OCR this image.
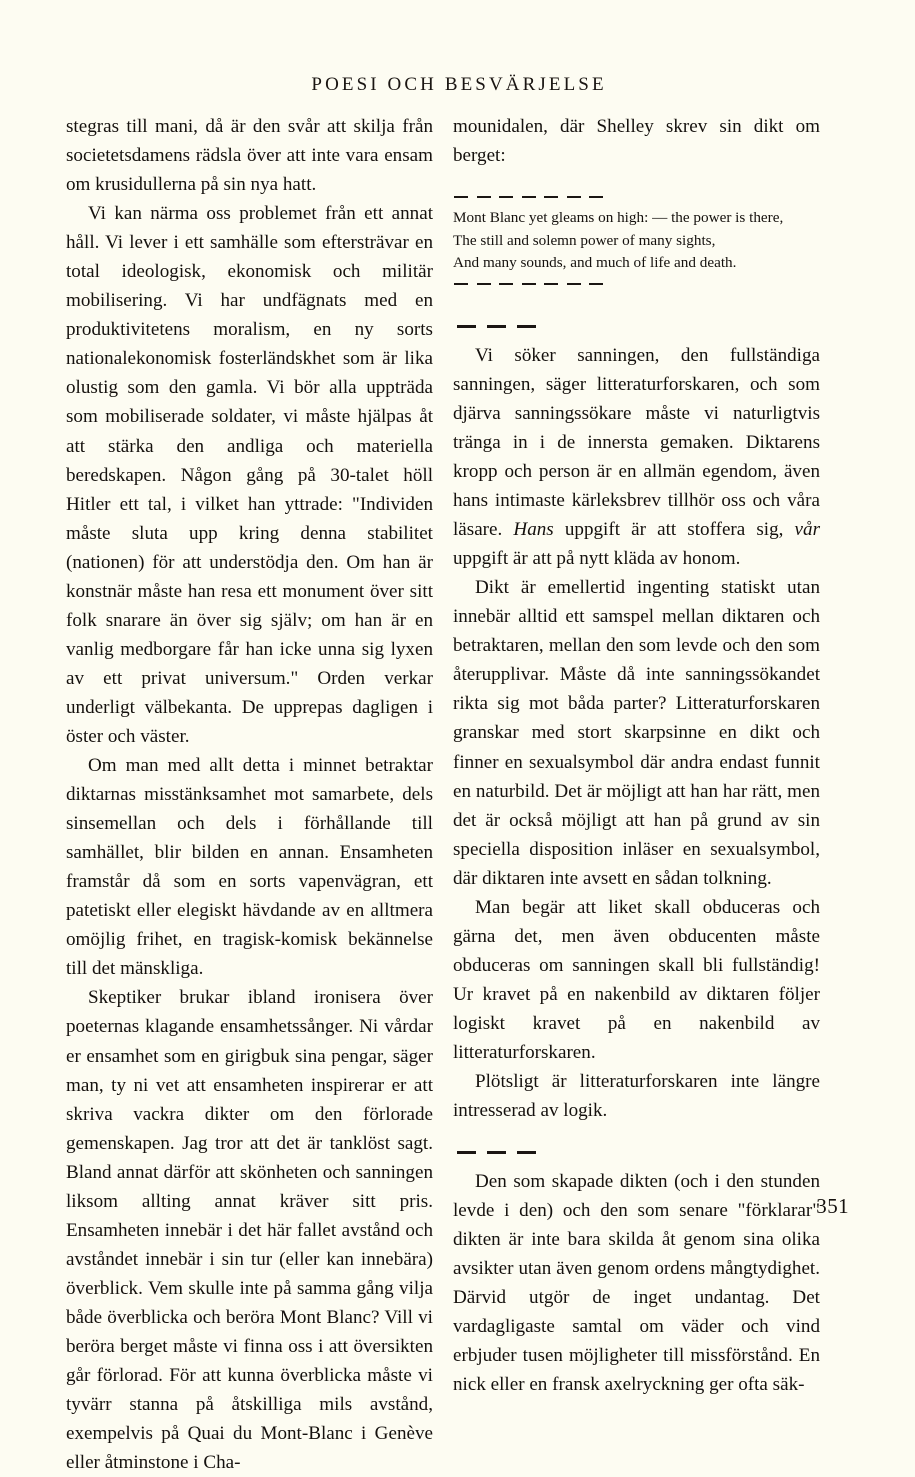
POESI OCH BESVÄRJELSE

stegras till mani, då är den svår att skilja från societetsdamens rädsla över att inte vara ensam om krusidullerna på sin nya hatt.

Vi kan närma oss problemet från ett annat håll. Vi lever i ett samhälle som eftersträvar en total ideologisk, ekonomisk och militär mobilisering. Vi har undfägnats med en produktivitetens moralism, en ny sorts nationalekonomisk fosterländskhet som är lika olustig som den gamla. Vi bör alla uppträda som mobiliserade soldater, vi måste hjälpas åt att stärka den andliga och materiella beredskapen. Någon gång på 30-talet höll Hitler ett tal, i vilket han yttrade: "Individen måste sluta upp kring denna stabilitet (nationen) för att understödja den. Om han är konstnär måste han resa ett monument över sitt folk snarare än över sig själv; om han är en vanlig medborgare får han icke unna sig lyxen av ett privat universum." Orden verkar underligt välbekanta. De upprepas dagligen i öster och väster.

Om man med allt detta i minnet betraktar diktarnas misstänksamhet mot samarbete, dels sinsemellan och dels i förhållande till samhället, blir bilden en annan. Ensamheten framstår då som en sorts vapenvägran, ett patetiskt eller elegiskt hävdande av en alltmera omöjlig frihet, en tragisk-komisk bekännelse till det mänskliga.

Skeptiker brukar ibland ironisera över poeternas klagande ensamhetssånger. Ni vårdar er ensamhet som en girigbuk sina pengar, säger man, ty ni vet att ensamheten inspirerar er att skriva vackra dikter om den förlorade gemenskapen. Jag tror att det är tanklöst sagt. Bland annat därför att skönheten och sanningen liksom allting annat kräver sitt pris. Ensamheten innebär i det här fallet avstånd och avståndet innebär i sin tur (eller kan innebära) överblick. Vem skulle inte på samma gång vilja både överblicka och beröra Mont Blanc? Vill vi beröra berget måste vi finna oss i att översikten går förlorad. För att kunna överblicka måste vi tyvärr stanna på åtskilliga mils avstånd, exempelvis på Quai du Mont-Blanc i Genève eller åtminstone i Cha-

mounidalen, där Shelley skrev sin dikt om berget:

Mont Blanc yet gleams on high: — the power is there,

The still and solemn power of many sights,

And many sounds, and much of life and death.

Vi söker sanningen, den fullständiga sanningen, säger litteraturforskaren, och som djärva sanningssökare måste vi naturligtvis tränga in i de innersta gemaken. Diktarens kropp och person är en allmän egendom, även hans intimaste kärleksbrev tillhör oss och våra läsare. Hans uppgift är att stoffera sig, vår uppgift är att på nytt kläda av honom.

Dikt är emellertid ingenting statiskt utan innebär alltid ett samspel mellan diktaren och betraktaren, mellan den som levde och den som återupplivar. Måste då inte sanningssökandet rikta sig mot båda parter? Litteraturforskaren granskar med stort skarpsinne en dikt och finner en sexualsymbol där andra endast funnit en naturbild. Det är möjligt att han har rätt, men det är också möjligt att han på grund av sin speciella disposition inläser en sexualsymbol, där diktaren inte avsett en sådan tolkning.

Man begär att liket skall obduceras och gärna det, men även obducenten måste obduceras om sanningen skall bli fullständig! Ur kravet på en nakenbild av diktaren följer logiskt kravet på en nakenbild av litteraturforskaren.

Plötsligt är litteraturforskaren inte längre intresserad av logik.

Den som skapade dikten (och i den stunden levde i den) och den som senare "förklarar" dikten är inte bara skilda åt genom sina olika avsikter utan även genom ordens mångtydighet. Därvid utgör de inget undantag. Det vardagligaste samtal om väder och vind erbjuder tusen möjligheter till missförstånd. En nick eller en fransk axelryckning ger ofta säk-

351
